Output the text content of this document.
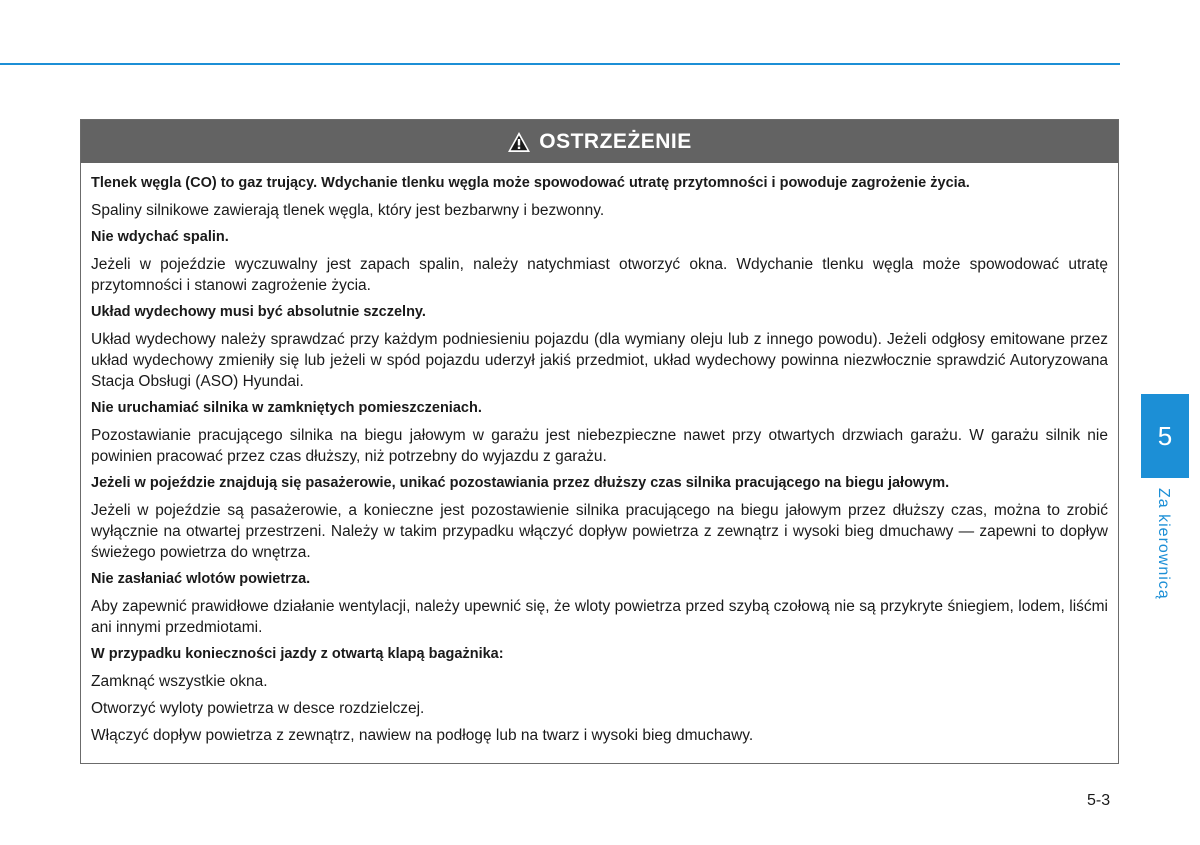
OSTRZEŻENIE

Tlenek węgla (CO) to gaz trujący. Wdychanie tlenku węgla może spowodować utratę przytomności i powoduje zagrożenie życia.

Spaliny silnikowe zawierają tlenek węgla, który jest bezbarwny i bezwonny.

Nie wdychać spalin.

Jeżeli w pojeździe wyczuwalny jest zapach spalin, należy natychmiast otworzyć okna. Wdychanie tlenku węgla może spowodować utratę przytomności i stanowi zagrożenie życia.

Układ wydechowy musi być absolutnie szczelny.

Układ wydechowy należy sprawdzać przy każdym podniesieniu pojazdu (dla wymiany oleju lub z innego powodu). Jeżeli odgłosy emitowane przez układ wydechowy zmieniły się lub jeżeli w spód pojazdu uderzył jakiś przedmiot, układ wydechowy powinna niezwłocznie sprawdzić Autoryzowana Stacja Obsługi (ASO) Hyundai.

Nie uruchamiać silnika w zamkniętych pomieszczeniach.

Pozostawianie pracującego silnika na biegu jałowym w garażu jest niebezpieczne nawet przy otwartych drzwiach garażu. W garażu silnik nie powinien pracować przez czas dłuższy, niż potrzebny do wyjazdu z garażu.

Jeżeli w pojeździe znajdują się pasażerowie, unikać pozostawiania przez dłuższy czas silnika pracującego na biegu jałowym.

Jeżeli w pojeździe są pasażerowie, a konieczne jest pozostawienie silnika pracującego na biegu jałowym przez dłuższy czas, można to zrobić wyłącznie na otwartej przestrzeni. Należy w takim przypadku włączyć dopływ powietrza z zewnątrz i wysoki bieg dmuchawy — zapewni to dopływ świeżego powietrza do wnętrza.

Nie zasłaniać wlotów powietrza.

Aby zapewnić prawidłowe działanie wentylacji, należy upewnić się, że wloty powietrza przed szybą czołową nie są przykryte śniegiem, lodem, liśćmi ani innymi przedmiotami.

W przypadku konieczności jazdy z otwartą klapą bagażnika:

Zamknąć wszystkie okna.

Otworzyć wyloty powietrza w desce rozdzielczej.

Włączyć dopływ powietrza z zewnątrz, nawiew na podłogę lub na twarz i wysoki bieg dmuchawy.

5
Za kierownicą
5-3
